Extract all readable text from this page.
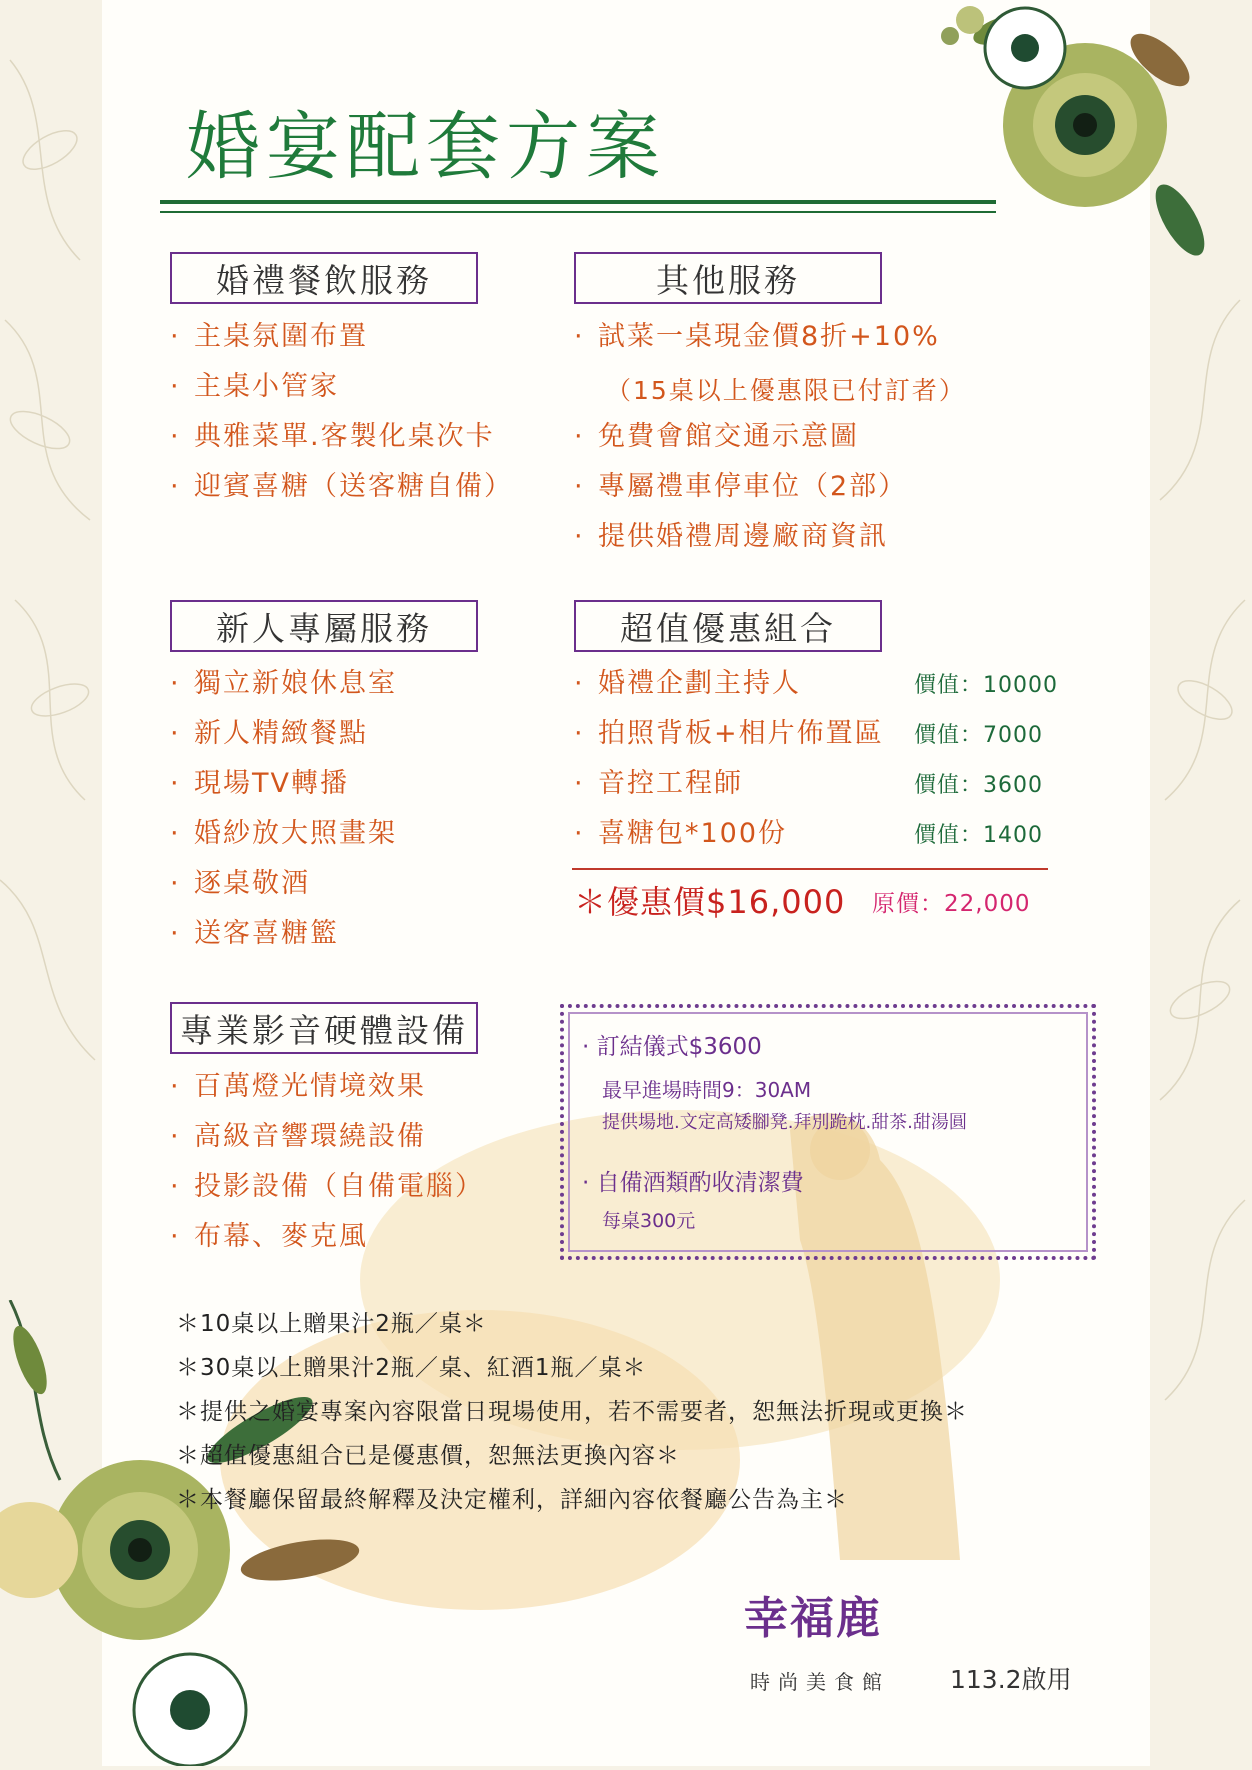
婚宴配套方案
婚禮餐飲服務
· 主桌氛圍布置
· 主桌小管家
· 典雅菜單.客製化桌次卡
· 迎賓喜糖（送客糖自備）
其他服務
· 試菜一桌現金價8折+10%
（15桌以上優惠限已付訂者）
· 免費會館交通示意圖
· 專屬禮車停車位（2部）
· 提供婚禮周邊廠商資訊
新人專屬服務
· 獨立新娘休息室
· 新人精緻餐點
· 現場TV轉播
· 婚紗放大照畫架
· 逐桌敬酒
· 送客喜糖籃
超值優惠組合
· 婚禮企劃主持人
· 拍照背板+相片佈置區
· 音控工程師
· 喜糖包*100份
價值：10000
價值：7000
價值：3600
價值：1400
＊優惠價$16,000 原價：22,000
專業影音硬體設備
· 百萬燈光情境效果
· 高級音響環繞設備
· 投影設備（自備電腦）
· 布幕、麥克風
· 訂結儀式$3600
最早進場時間9：30AM
提供場地.文定高矮腳凳.拜別跪枕.甜茶.甜湯圓
· 自備酒類酌收清潔費
每桌300元
＊10桌以上贈果汁2瓶／桌＊
＊30桌以上贈果汁2瓶／桌、紅酒1瓶／桌＊
＊提供之婚宴專案內容限當日現場使用，若不需要者，恕無法折現或更換＊
＊超值優惠組合已是優惠價，恕無法更換內容＊
＊本餐廳保留最終解釋及決定權利，詳細內容依餐廳公告為主＊
幸福鹿
時尚美食館 113.2啟用
